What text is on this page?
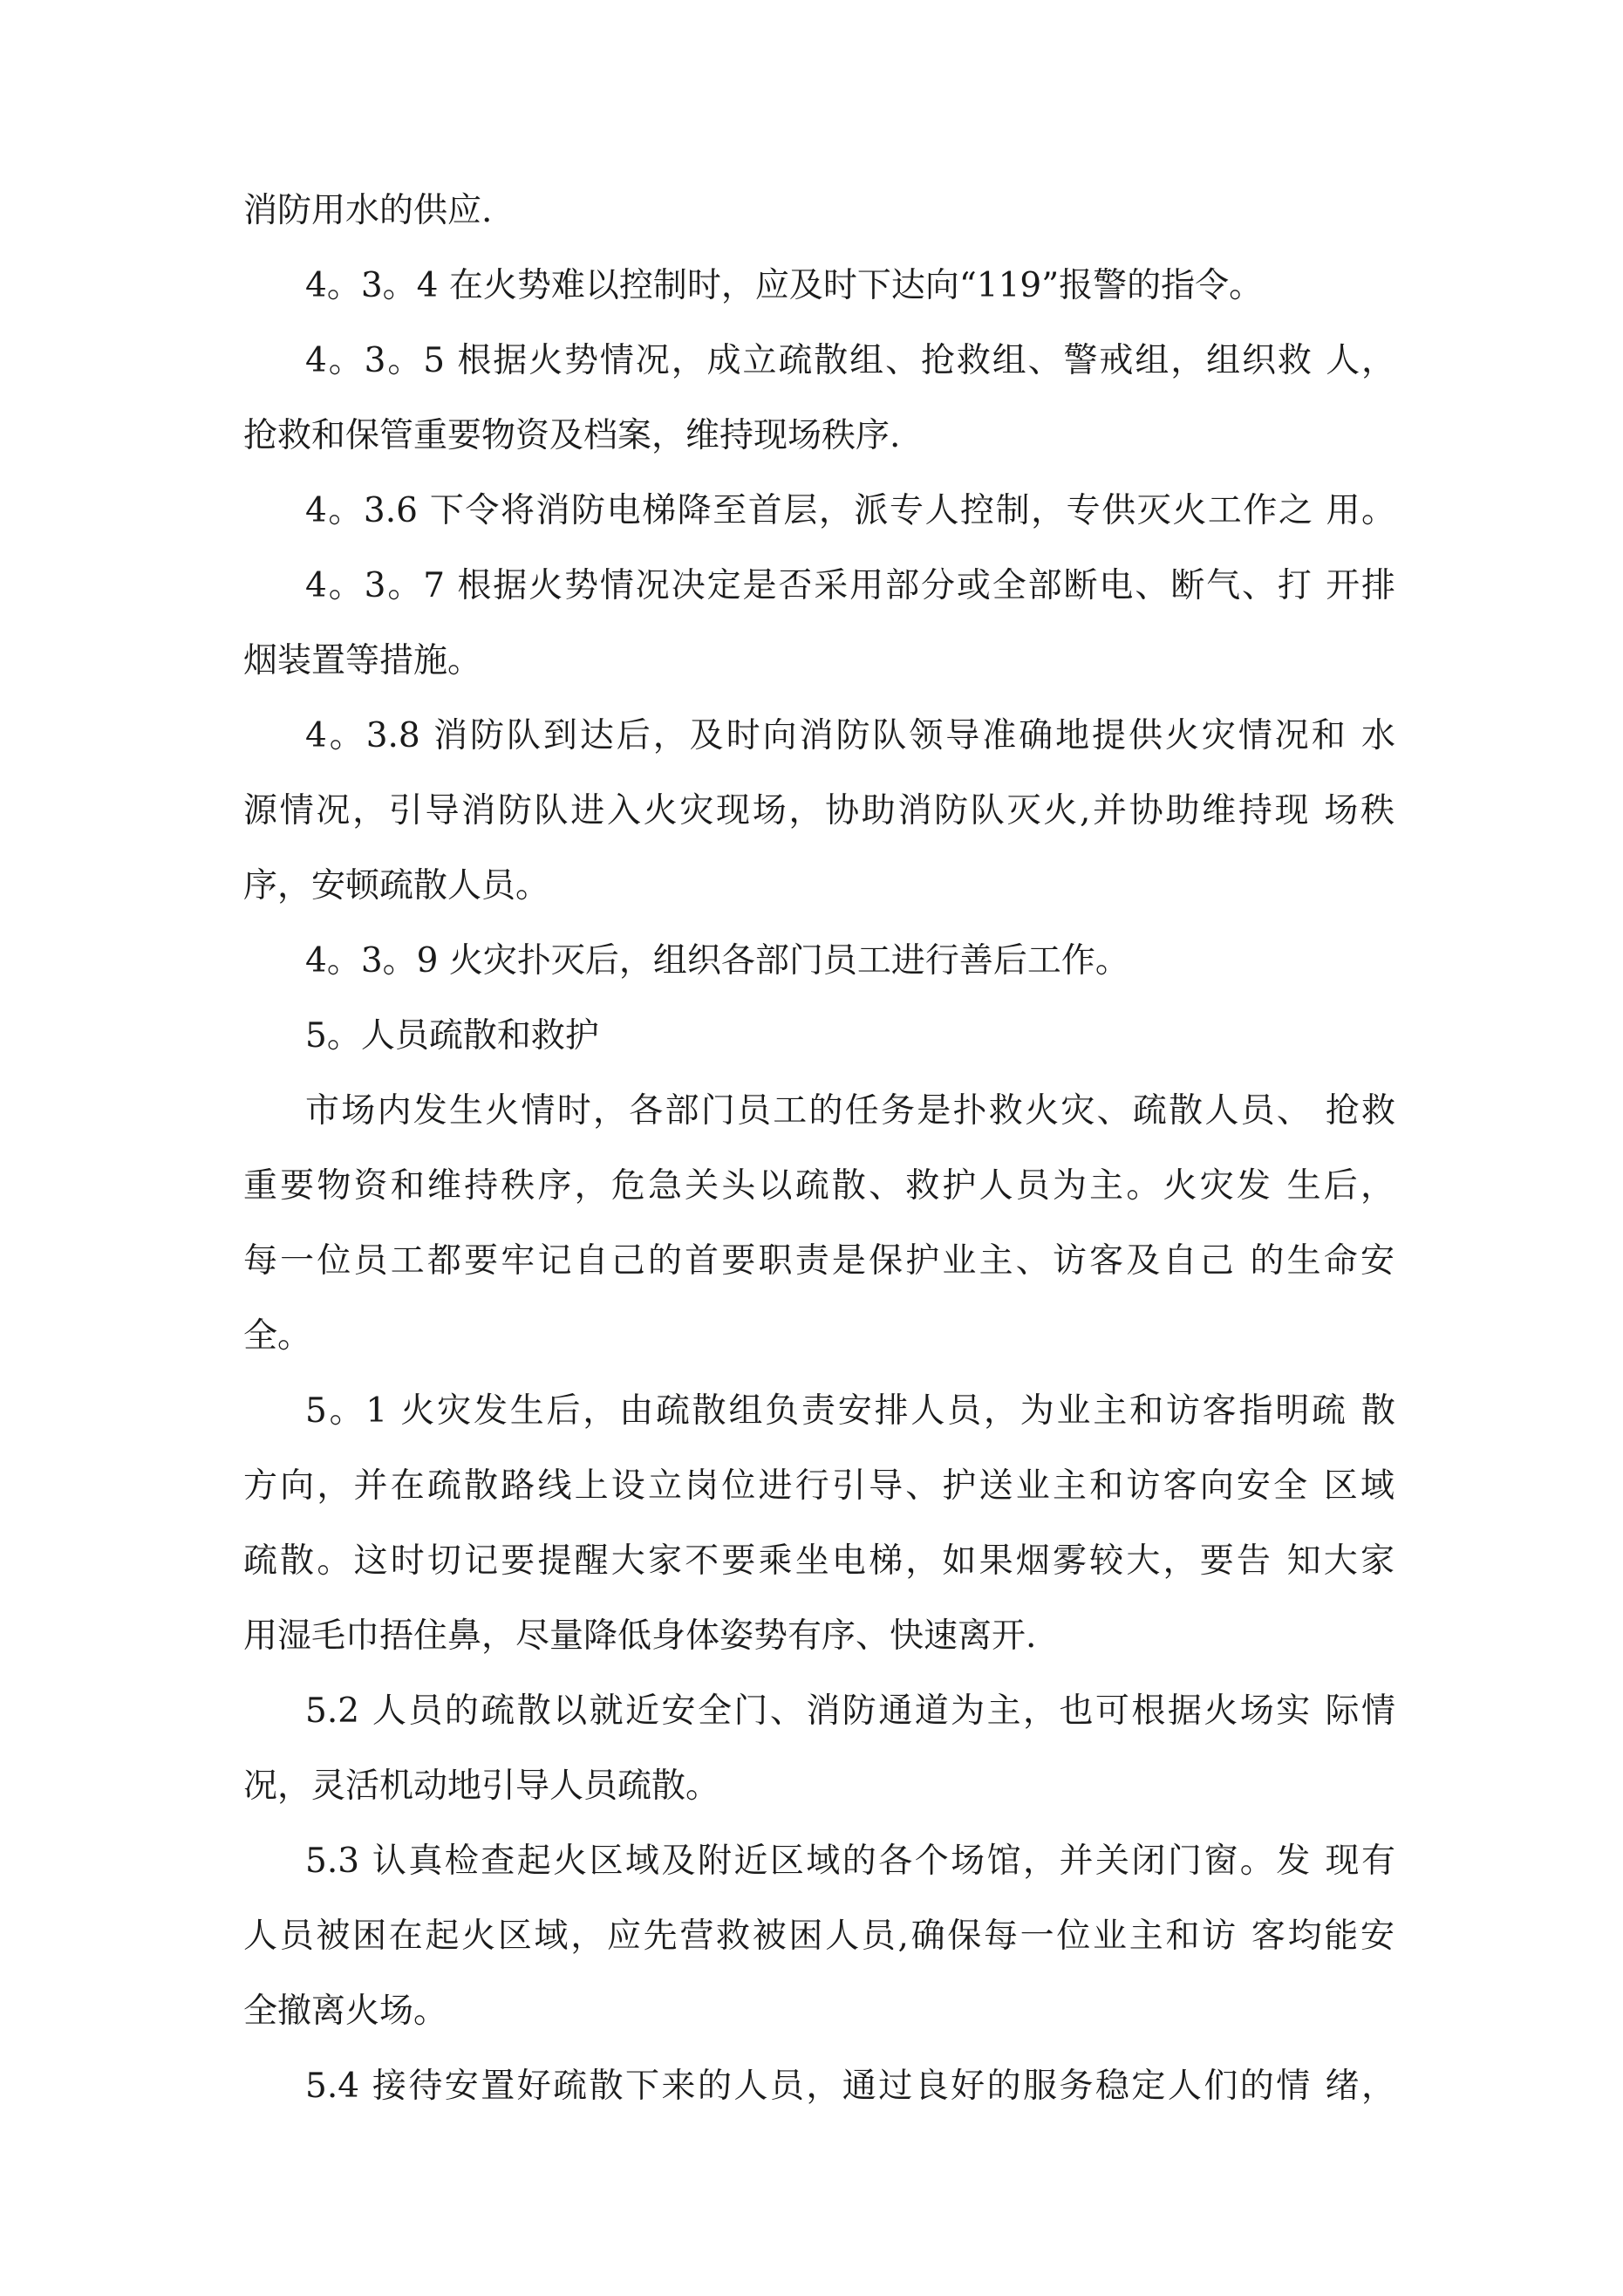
消防用水的供应.
4。3。4 在火势难以控制时，应及时下达向“119”报警的指令。
4。3。5 根据火势情况，成立疏散组、抢救组、警戒组，组织救 人，
抢救和保管重要物资及档案，维持现场秩序.
4。3.6 下令将消防电梯降至首层，派专人控制，专供灭火工作之 用。
4。3。7 根据火势情况决定是否采用部分或全部断电、断气、打 开排
烟装置等措施。
4。3.8 消防队到达后，及时向消防队领导准确地提供火灾情况和 水
源情况，引导消防队进入火灾现场，协助消防队灭火,并协助维持现 场秩
序，安顿疏散人员。
4。3。9 火灾扑灭后，组织各部门员工进行善后工作。
5。人员疏散和救护
市场内发生火情时，各部门员工的任务是扑救火灾、疏散人员、 抢救
重要物资和维持秩序，危急关头以疏散、救护人员为主。火灾发 生后，
每一位员工都要牢记自己的首要职责是保护业主、访客及自己 的生命安
全。
5。1 火灾发生后，由疏散组负责安排人员，为业主和访客指明疏 散
方向，并在疏散路线上设立岗位进行引导、护送业主和访客向安全 区域
疏散。这时切记要提醒大家不要乘坐电梯，如果烟雾较大，要告 知大家
用湿毛巾捂住鼻，尽量降低身体姿势有序、快速离开.
5.2 人员的疏散以就近安全门、消防通道为主，也可根据火场实 际情
况，灵活机动地引导人员疏散。
5.3 认真检查起火区域及附近区域的各个场馆，并关闭门窗。发 现有
人员被困在起火区域，应先营救被困人员,确保每一位业主和访 客均能安
全撤离火场。
5.4 接待安置好疏散下来的人员，通过良好的服务稳定人们的情 绪，
